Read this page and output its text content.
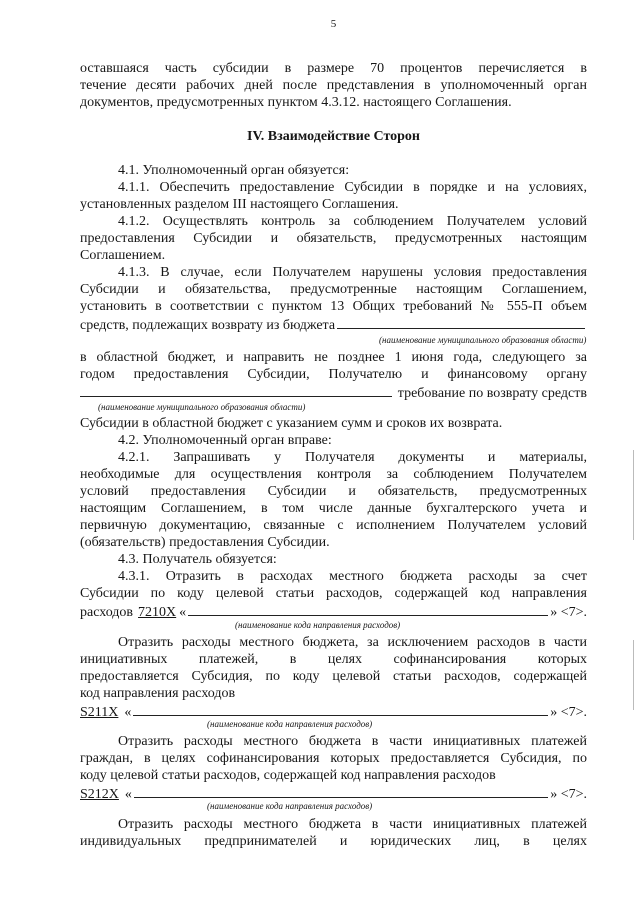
5
оставшаяся часть субсидии в размере 70 процентов перечисляется в
течение десяти рабочих дней после представления в уполномоченный орган
документов, предусмотренных пунктом 4.3.12. настоящего Соглашения.
IV. Взаимодействие Сторон
4.1. Уполномоченный орган обязуется:
4.1.1. Обеспечить предоставление Субсидии в порядке и на условиях,
установленных разделом III настоящего Соглашения.
4.1.2. Осуществлять контроль за соблюдением Получателем условий
предоставления Субсидии и обязательств, предусмотренных настоящим
Соглашением.
4.1.3. В случае, если Получателем нарушены условия предоставления
Субсидии и обязательства, предусмотренные настоящим Соглашением,
установить в соответствии с пунктом 13 Общих требований № 555-П объем
средств, подлежащих возврату из бюджета
(наименование муниципального образования области)
в областной бюджет, и направить не позднее 1 июня года, следующего за
годом предоставления Субсидии, Получателю и финансовому органу
требование по возврату средств
(наименование муниципального образования области)
Субсидии в областной бюджет с указанием сумм и сроков их возврата.
4.2. Уполномоченный орган вправе:
4.2.1. Запрашивать у Получателя документы и материалы,
необходимые для осуществления контроля за соблюдением Получателем
условий предоставления Субсидии и обязательств, предусмотренных
настоящим Соглашением, в том числе данные бухгалтерского учета и
первичную документацию, связанные с исполнением Получателем условий
(обязательств) предоставления Субсидии.
4.3. Получатель обязуется:
4.3.1. Отразить в расходах местного бюджета расходы за счет
Субсидии по коду целевой статьи расходов, содержащей код направления
расходов 7210Х «	» <7>.
(наименование кода направления расходов)
Отразить расходы местного бюджета, за исключением расходов в части
инициативных платежей, в целях софинансирования которых
предоставляется Субсидия, по коду целевой статьи расходов, содержащей
код направления расходов
S211Х «	» <7>.
(наименование кода направления расходов)
Отразить расходы местного бюджета в части инициативных платежей
граждан, в целях софинансирования которых предоставляется Субсидия, по
коду целевой статьи расходов, содержащей код направления расходов
S212Х «	» <7>.
(наименование кода направления расходов)
Отразить расходы местного бюджета в части инициативных платежей
индивидуальных предпринимателей и юридических лиц, в целях
